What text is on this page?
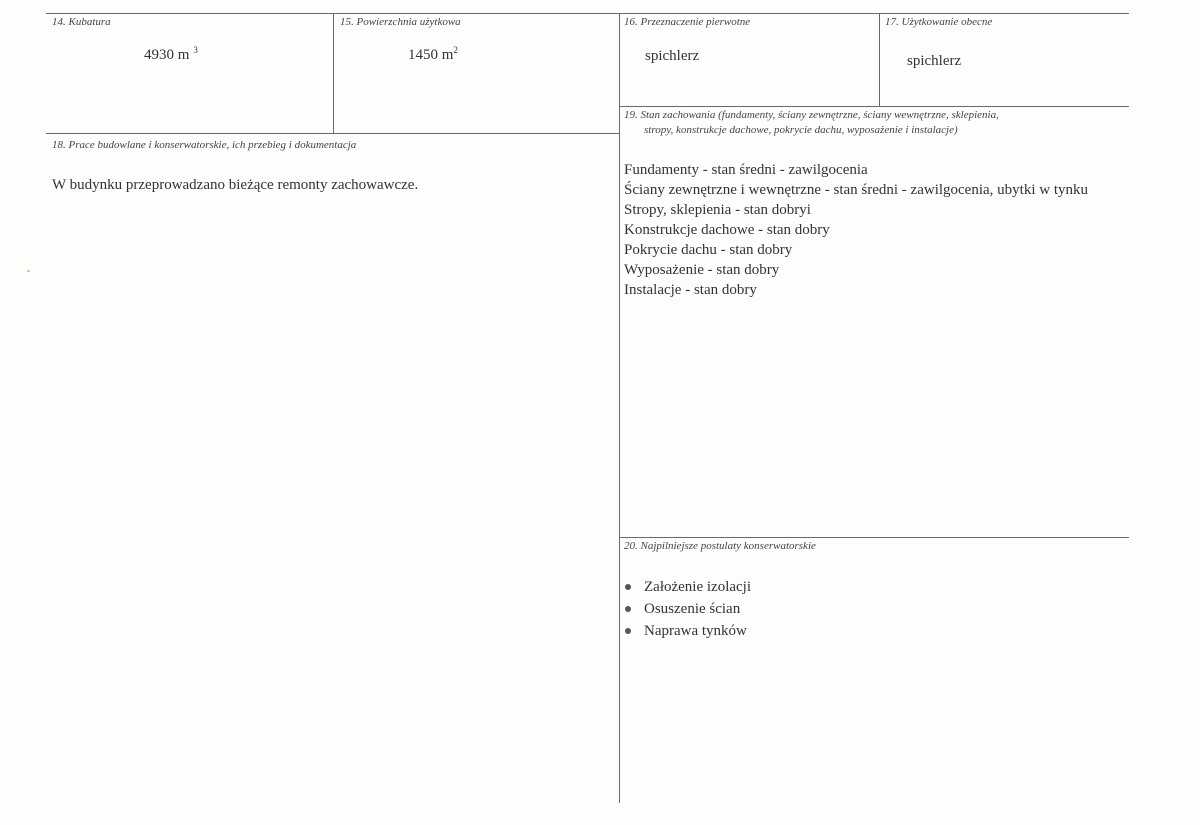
14. Kubatura
4930 m $^3$
15. Powierzchnia użytkowa
1450 $m^2$
16. Przeznaczenie pierwotne
spichlerz
17. Użytkowanie obecne
spichlerz
18. Prace budowlane i konserwatorskie, ich przebieg i dokumentacja
W budynku przeprowadzano bieżące remonty zachowawcze.
19. Stan zachowania (fundamenty, ściany zewnętrzne, ściany wewnętrzne, sklepienia,
stropy, konstrukcje dachowe, pokrycie dachu, wyposażenie i instalacje)
Fundamenty - stan średni - zawilgocenia
Ściany zewnętrzne i wewnętrzne - stan średni - zawilgocenia, ubytki w tynku
Stropy, sklepienia - stan dobryi
Konstrukcje dachowe - stan dobry
Pokrycie dachu - stan dobry
Wyposażenie - stan dobry
Instalacje - stan dobry
20. Najpilniejsze postulaty konserwatorskie
Założenie izolacji
Osuszenie ścian
Naprawa tynków
